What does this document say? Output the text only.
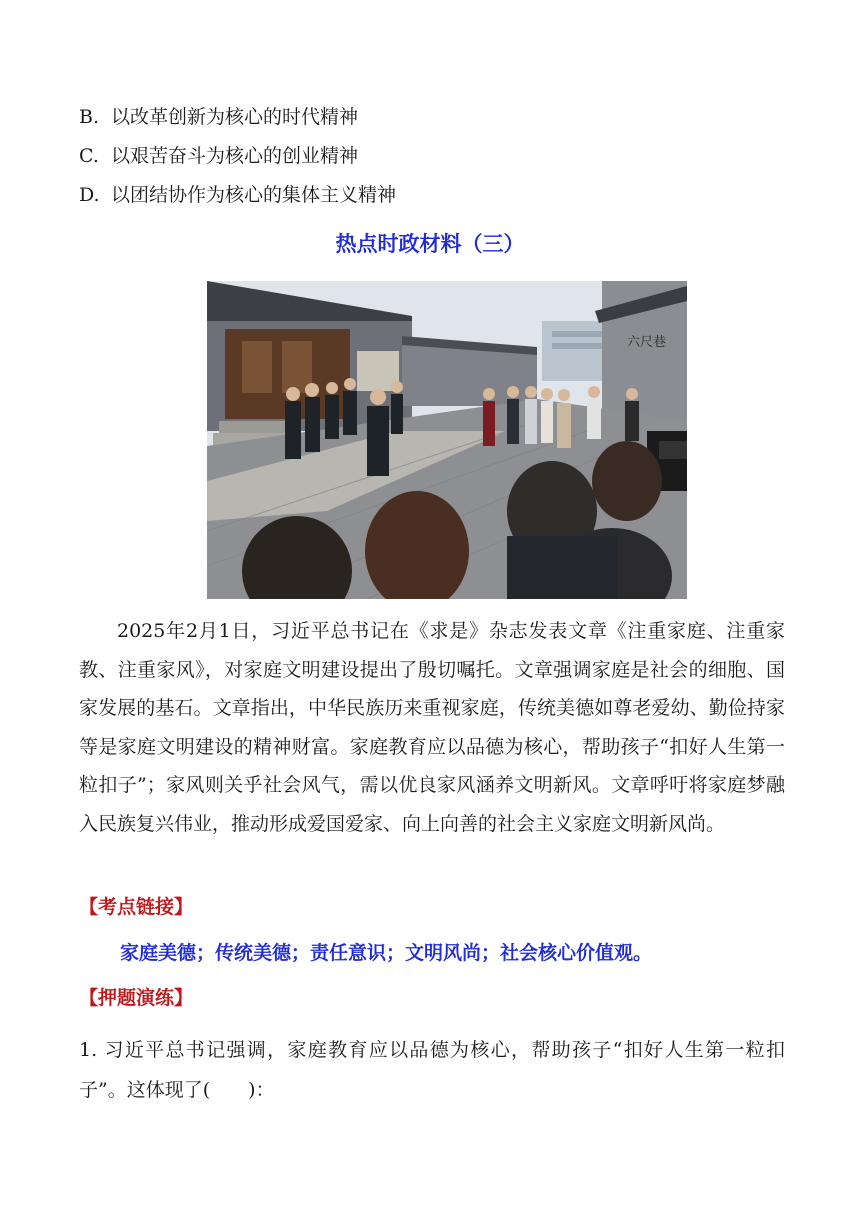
B. 以改革创新为核心的时代精神
C. 以艰苦奋斗为核心的创业精神
D. 以团结协作为核心的集体主义精神
热点时政材料（三）
六尺巷
2025年2月1日，习近平总书记在《求是》杂志发表文章《注重家庭、注重家教、注重家风》，对家庭文明建设提出了殷切嘱托。文章强调家庭是社会的细胞、国家发展的基石。文章指出，中华民族历来重视家庭，传统美德如尊老爱幼、勤俭持家等是家庭文明建设的精神财富。家庭教育应以品德为核心，帮助孩子“扣好人生第一粒扣子”；家风则关乎社会风气，需以优良家风涵养文明新风。文章呼吁将家庭梦融入民族复兴伟业，推动形成爱国爱家、向上向善的社会主义家庭文明新风尚。
【考点链接】
家庭美德；传统美德；责任意识；文明风尚；社会核心价值观。
【押题演练】
1. 习近平总书记强调，家庭教育应以品德为核心，帮助孩子“扣好人生第一粒扣子”。这体现了(　　)：
